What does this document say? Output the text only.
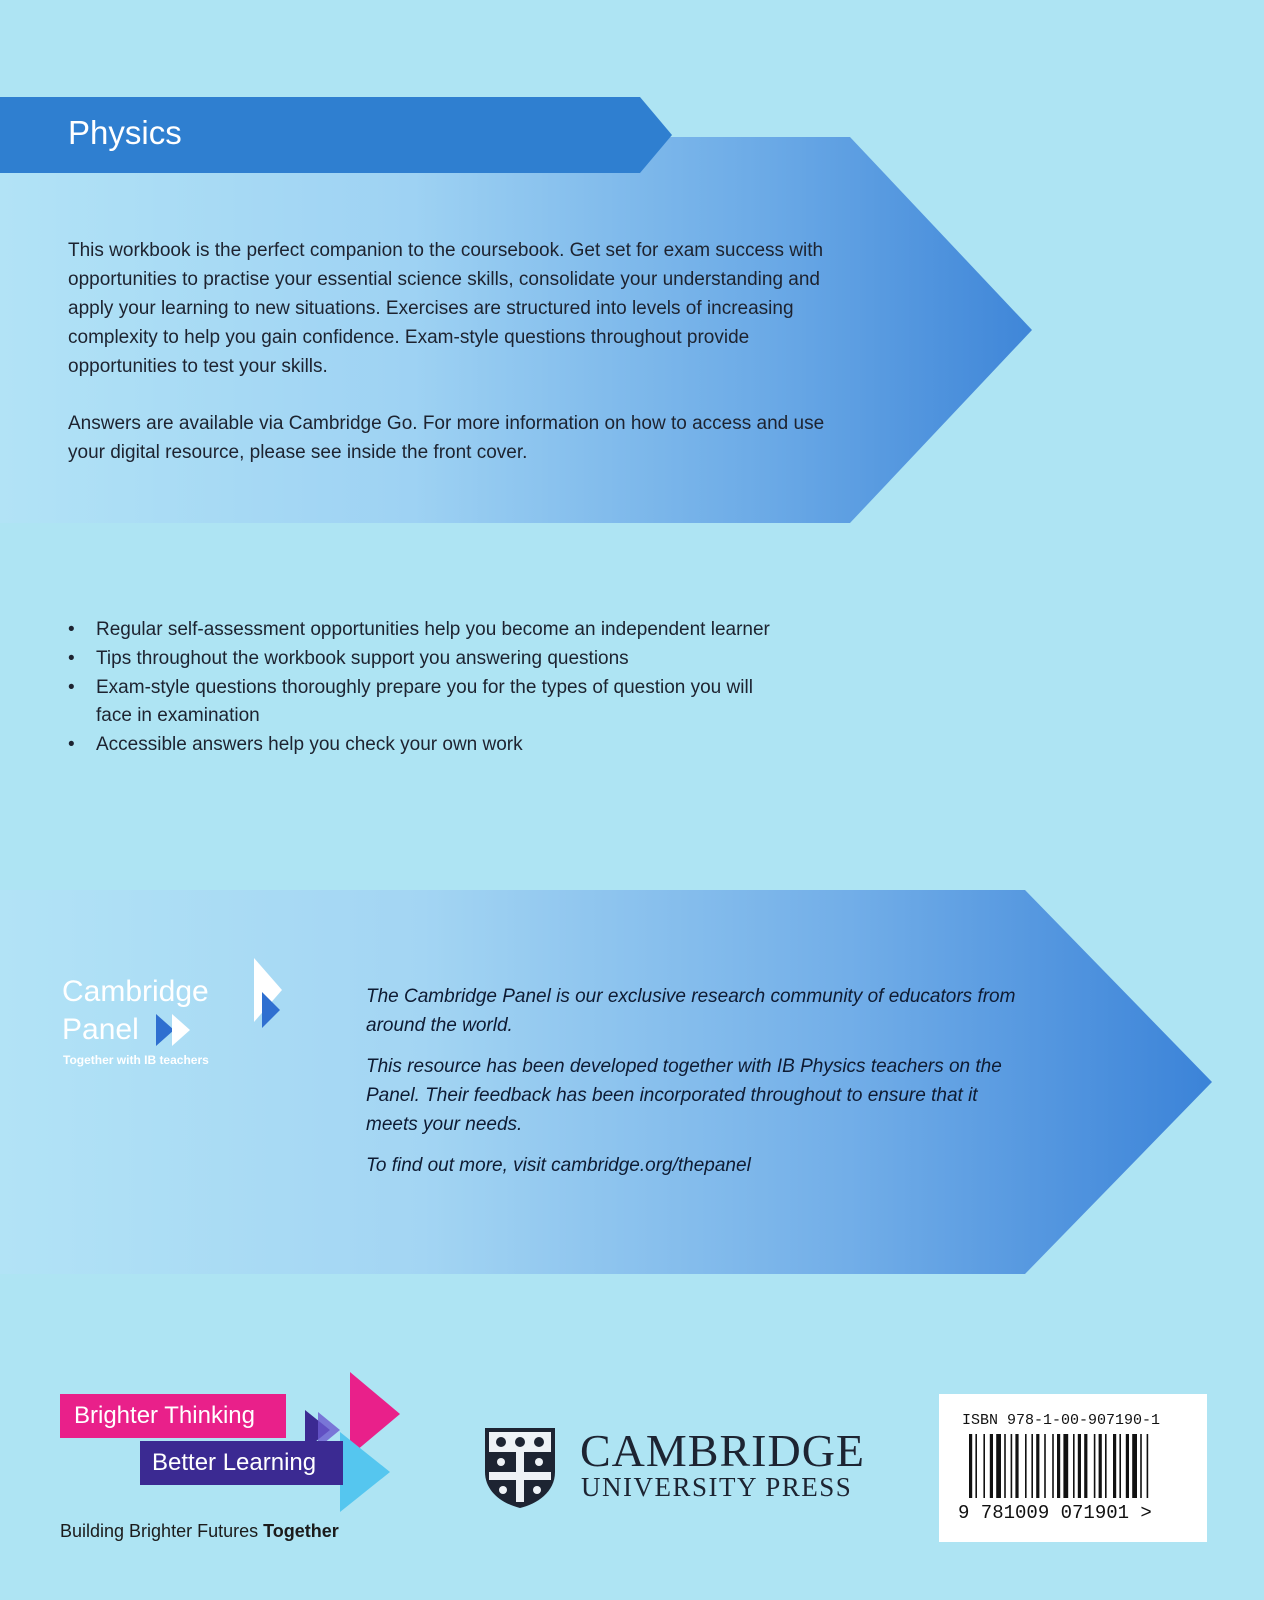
Physics

This workbook is the perfect companion to the coursebook. Get set for exam success with opportunities to practise your essential science skills, consolidate your understanding and apply your learning to new situations. Exercises are structured into levels of increasing complexity to help you gain confidence. Exam-style questions throughout provide opportunities to test your skills.

Answers are available via Cambridge Go. For more information on how to access and use your digital resource, please see inside the front cover.

• Regular self-assessment opportunities help you become an independent learner
• Tips throughout the workbook support you answering questions
• Exam-style questions thoroughly prepare you for the types of question you will face in examination
• Accessible answers help you check your own work
Cambridge
Panel
Together with IB teachers

The Cambridge Panel is our exclusive research community of educators from around the world.

This resource has been developed together with IB Physics teachers on the Panel. Their feedback has been incorporated throughout to ensure that it meets your needs.

To find out more, visit cambridge.org/thepanel

Brighter Thinking
Better Learning
Building Brighter Futures Together
CAMBRIDGE
UNIVERSITY PRESS
ISBN 978-1-00-907190-1
9 781009 071901 >
